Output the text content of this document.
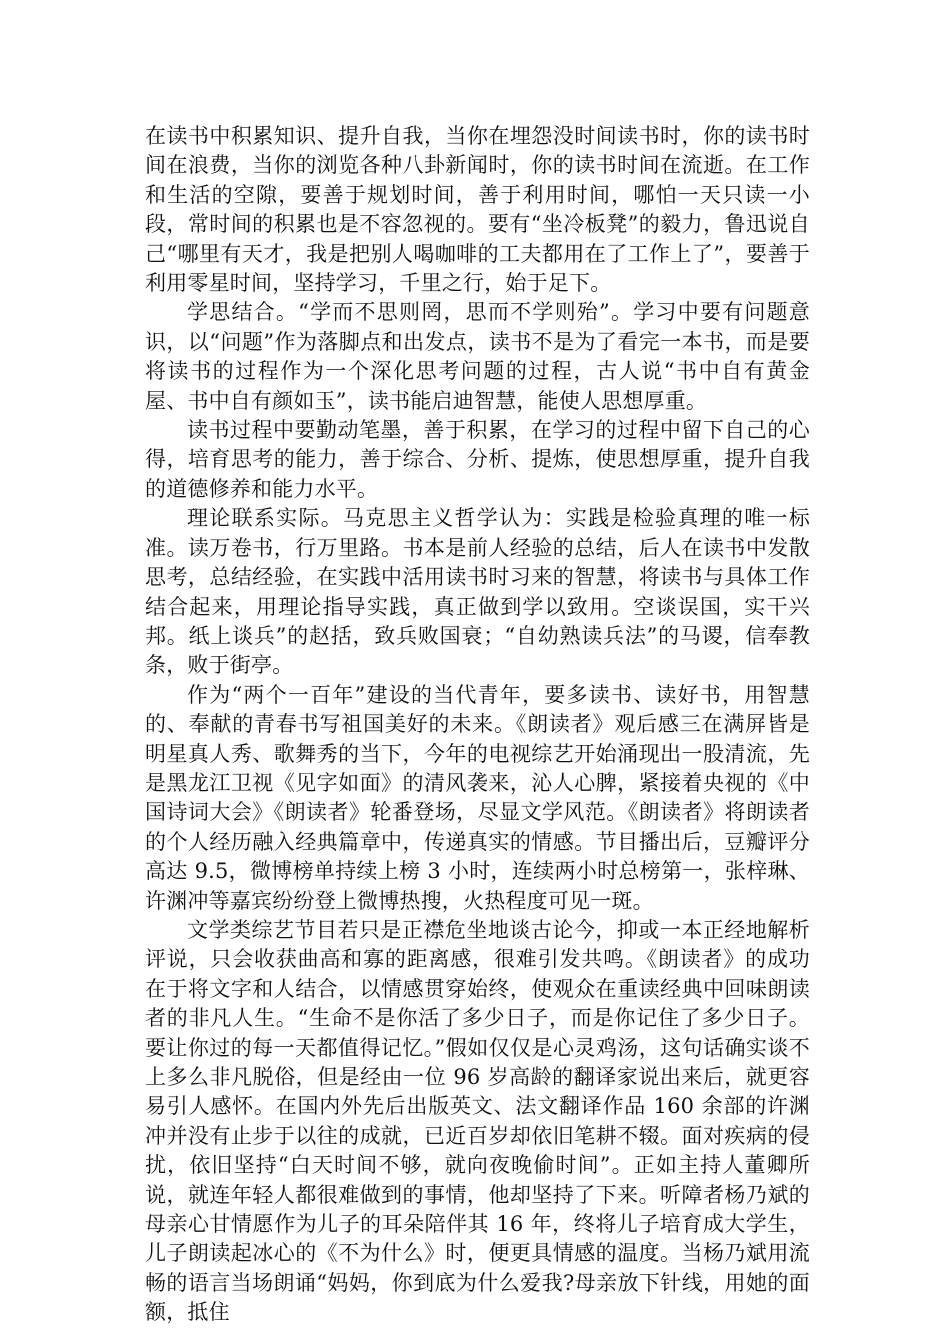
在读书中积累知识、提升自我，当你在埋怨没时间读书时，你的读书时间在浪费，当你的浏览各种八卦新闻时，你的读书时间在流逝。在工作和生活的空隙，要善于规划时间，善于利用时间，哪怕一天只读一小段，常时间的积累也是不容忽视的。要有“坐冷板凳”的毅力，鲁迅说自己“哪里有天才，我是把别人喝咖啡的工夫都用在了工作上了”，要善于利用零星时间，坚持学习，千里之行，始于足下。

学思结合。“学而不思则罔，思而不学则殆”。学习中要有问题意识，以“问题”作为落脚点和出发点，读书不是为了看完一本书，而是要将读书的过程作为一个深化思考问题的过程，古人说“书中自有黄金屋、书中自有颜如玉”，读书能启迪智慧，能使人思想厚重。

读书过程中要勤动笔墨，善于积累，在学习的过程中留下自己的心得，培育思考的能力，善于综合、分析、提炼，使思想厚重，提升自我的道德修养和能力水平。

理论联系实际。马克思主义哲学认为：实践是检验真理的唯一标准。读万卷书，行万里路。书本是前人经验的总结，后人在读书中发散思考，总结经验，在实践中活用读书时习来的智慧，将读书与具体工作结合起来，用理论指导实践，真正做到学以致用。空谈误国，实干兴邦。纸上谈兵”的赵括，致兵败国衰；“自幼熟读兵法”的马谡，信奉教条，败于街亭。

作为“两个一百年”建设的当代青年，要多读书、读好书，用智慧的、奉献的青春书写祖国美好的未来。《朗读者》观后感三在满屏皆是明星真人秀、歌舞秀的当下，今年的电视综艺开始涌现出一股清流，先是黑龙江卫视《见字如面》的清风袭来，沁人心脾，紧接着央视的《中国诗词大会》《朗读者》轮番登场，尽显文学风范。《朗读者》将朗读者的个人经历融入经典篇章中，传递真实的情感。节目播出后，豆瓣评分高达 9.5，微博榜单持续上榜 3 小时，连续两小时总榜第一，张梓琳、许渊冲等嘉宾纷纷登上微博热搜，火热程度可见一斑。

文学类综艺节目若只是正襟危坐地谈古论今，抑或一本正经地解析评说，只会收获曲高和寡的距离感，很难引发共鸣。《朗读者》的成功在于将文字和人结合，以情感贯穿始终，使观众在重读经典中回味朗读者的非凡人生。“生命不是你活了多少日子，而是你记住了多少日子。要让你过的每一天都值得记忆。”假如仅仅是心灵鸡汤，这句话确实谈不上多么非凡脱俗，但是经由一位 96 岁高龄的翻译家说出来后，就更容易引人感怀。在国内外先后出版英文、法文翻译作品 160 余部的许渊冲并没有止步于以往的成就，已近百岁却依旧笔耕不辍。面对疾病的侵扰，依旧坚持“白天时间不够，就向夜晚偷时间”。正如主持人董卿所说，就连年轻人都很难做到的事情，他却坚持了下来。听障者杨乃斌的母亲心甘情愿作为儿子的耳朵陪伴其 16 年，终将儿子培育成大学生，儿子朗读起冰心的《不为什么》时，便更具情感的温度。当杨乃斌用流畅的语言当场朗诵“妈妈，你到底为什么爱我?母亲放下针线，用她的面额，抵住
